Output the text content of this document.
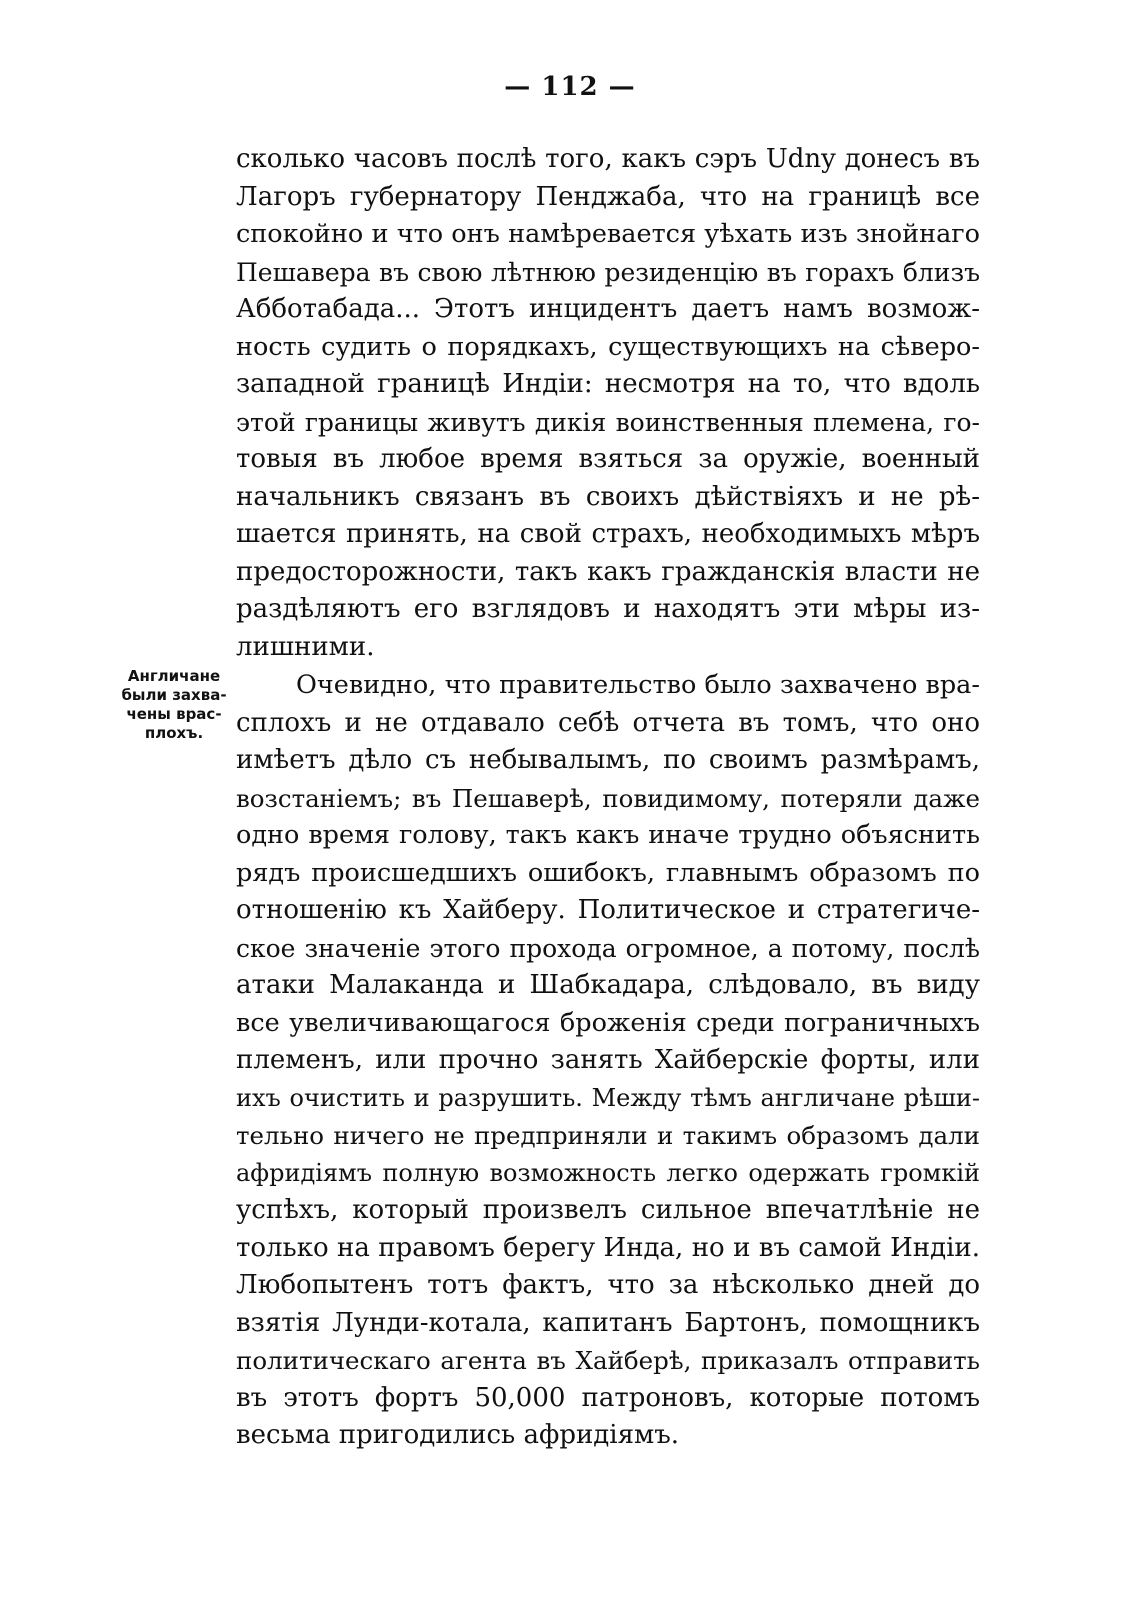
— 112 —
сколько часовъ послѣ того, какъ сэръ Udny донесъ въ
Лагоръ губернатору Пенджаба, что на границѣ все
спокойно и что онъ намѣревается уѣхать изъ знойнаго
Пешавера въ свою лѣтнюю резиденцію въ горахъ близъ
Абботабада... Этотъ инцидентъ даетъ намъ возмож-
ность судить о порядкахъ, существующихъ на сѣверо-
западной границѣ Индіи: несмотря на то, что вдоль
этой границы живутъ дикія воинственныя племена, го-
товыя въ любое время взяться за оружіе, военный
начальникъ связанъ въ своихъ дѣйствіяхъ и не рѣ-
шается принять, на свой страхъ, необходимыхъ мѣръ
предосторожности, такъ какъ гражданскія власти не
раздѣляютъ его взглядовъ и находятъ эти мѣры из-
лишними.
Англичане
были захва-
чены врас-
плохъ.
Очевидно, что правительство было захвачено вра-
сплохъ и не отдавало себѣ отчета въ томъ, что оно
имѣетъ дѣло съ небывалымъ, по своимъ размѣрамъ,
возстаніемъ; въ Пешаверѣ, повидимому, потеряли даже
одно время голову, такъ какъ иначе трудно объяснить
рядъ происшедшихъ ошибокъ, главнымъ образомъ по
отношенію къ Хайберу. Политическое и стратегиче-
ское значеніе этого прохода огромное, а потому, послѣ
атаки Малаканда и Шабкадара, слѣдовало, въ виду
все увеличивающагося броженія среди пограничныхъ
племенъ, или прочно занять Хайберскіе форты, или
ихъ очистить и разрушить. Между тѣмъ англичане рѣши-
тельно ничего не предприняли и такимъ образомъ дали
афридіямъ полную возможность легко одержать громкій
успѣхъ, который произвелъ сильное впечатлѣніе не
только на правомъ берегу Инда, но и въ самой Индіи.
Любопытенъ тотъ фактъ, что за нѣсколько дней до
взятія Лунди-котала, капитанъ Бартонъ, помощникъ
политическаго агента въ Хайберѣ, приказалъ отправить
въ этотъ фортъ 50,000 патроновъ, которые потомъ
весьма пригодились афридіямъ.
